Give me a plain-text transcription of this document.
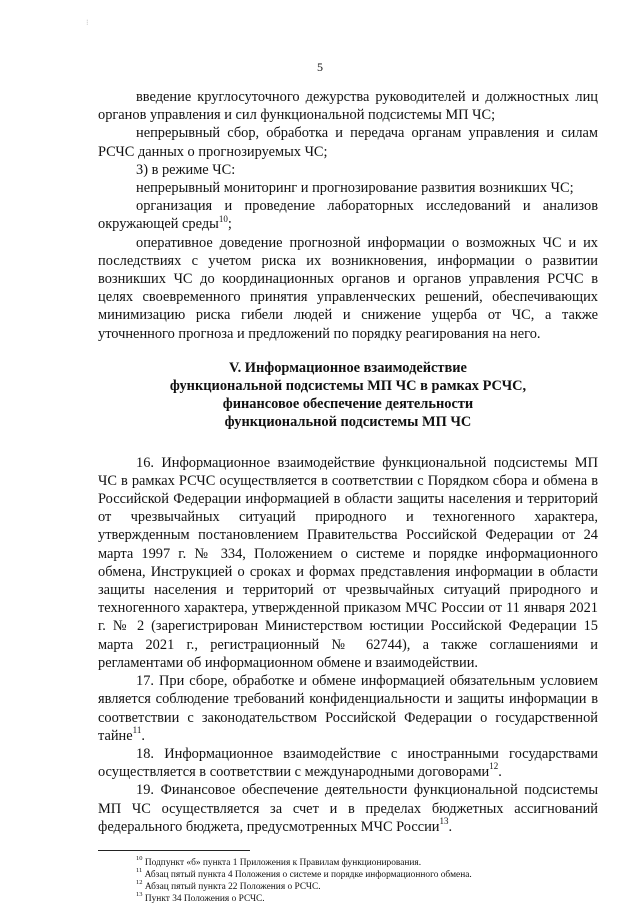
⁝
5

введение круглосуточного дежурства руководителей и должностных лиц органов управления и сил функциональной подсистемы МП ЧС;

непрерывный сбор, обработка и передача органам управления и силам РСЧС данных о прогнозируемых ЧС;

3) в режиме ЧС:

непрерывный мониторинг и прогнозирование развития возникших ЧС;

организация и проведение лабораторных исследований и анализов окружающей среды$^{10}$;

оперативное доведение прогнозной информации о возможных ЧС и их последствиях с учетом риска их возникновения, информации о развитии возникших ЧС до координационных органов и органов управления РСЧС в целях своевременного принятия управленческих решений, обеспечивающих минимизацию риска гибели людей и снижение ущерба от ЧС, а также уточненного прогноза и предложений по порядку реагирования на него.

V. Информационное взаимодействие
функциональной подсистемы МП ЧС в рамках РСЧС,
финансовое обеспечение деятельности
функциональной подсистемы МП ЧС

16. Информационное взаимодействие функциональной подсистемы МП ЧС в рамках РСЧС осуществляется в соответствии с Порядком сбора и обмена в Российской Федерации информацией в области защиты населения и территорий от чрезвычайных ситуаций природного и техногенного характера, утвержденным постановлением Правительства Российской Федерации от 24 марта 1997 г. № 334, Положением о системе и порядке информационного обмена, Инструкцией о сроках и формах представления информации в области защиты населения и территорий от чрезвычайных ситуаций природного и техногенного характера, утвержденной приказом МЧС России от 11 января 2021 г. № 2 (зарегистрирован Министерством юстиции Российской Федерации 15 марта 2021 г., регистрационный № 62744), а также соглашениями и регламентами об информационном обмене и взаимодействии.

17. При сборе, обработке и обмене информацией обязательным условием является соблюдение требований конфиденциальности и защиты информации в соответствии с законодательством Российской Федерации о государственной тайне$^{11}$.

18. Информационное взаимодействие с иностранными государствами осуществляется в соответствии с международными договорами$^{12}$.

19. Финансовое обеспечение деятельности функциональной подсистемы МП ЧС осуществляется за счет и в пределах бюджетных ассигнований федерального бюджета, предусмотренных МЧС России$^{13}$.

$^{10}$ Подпункт «б» пункта 1 Приложения к Правилам функционирования.

$^{11}$ Абзац пятый пункта 4 Положения о системе и порядке информационного обмена.

$^{12}$ Абзац пятый пункта 22 Положения о РСЧС.

$^{13}$ Пункт 34 Положения о РСЧС.
